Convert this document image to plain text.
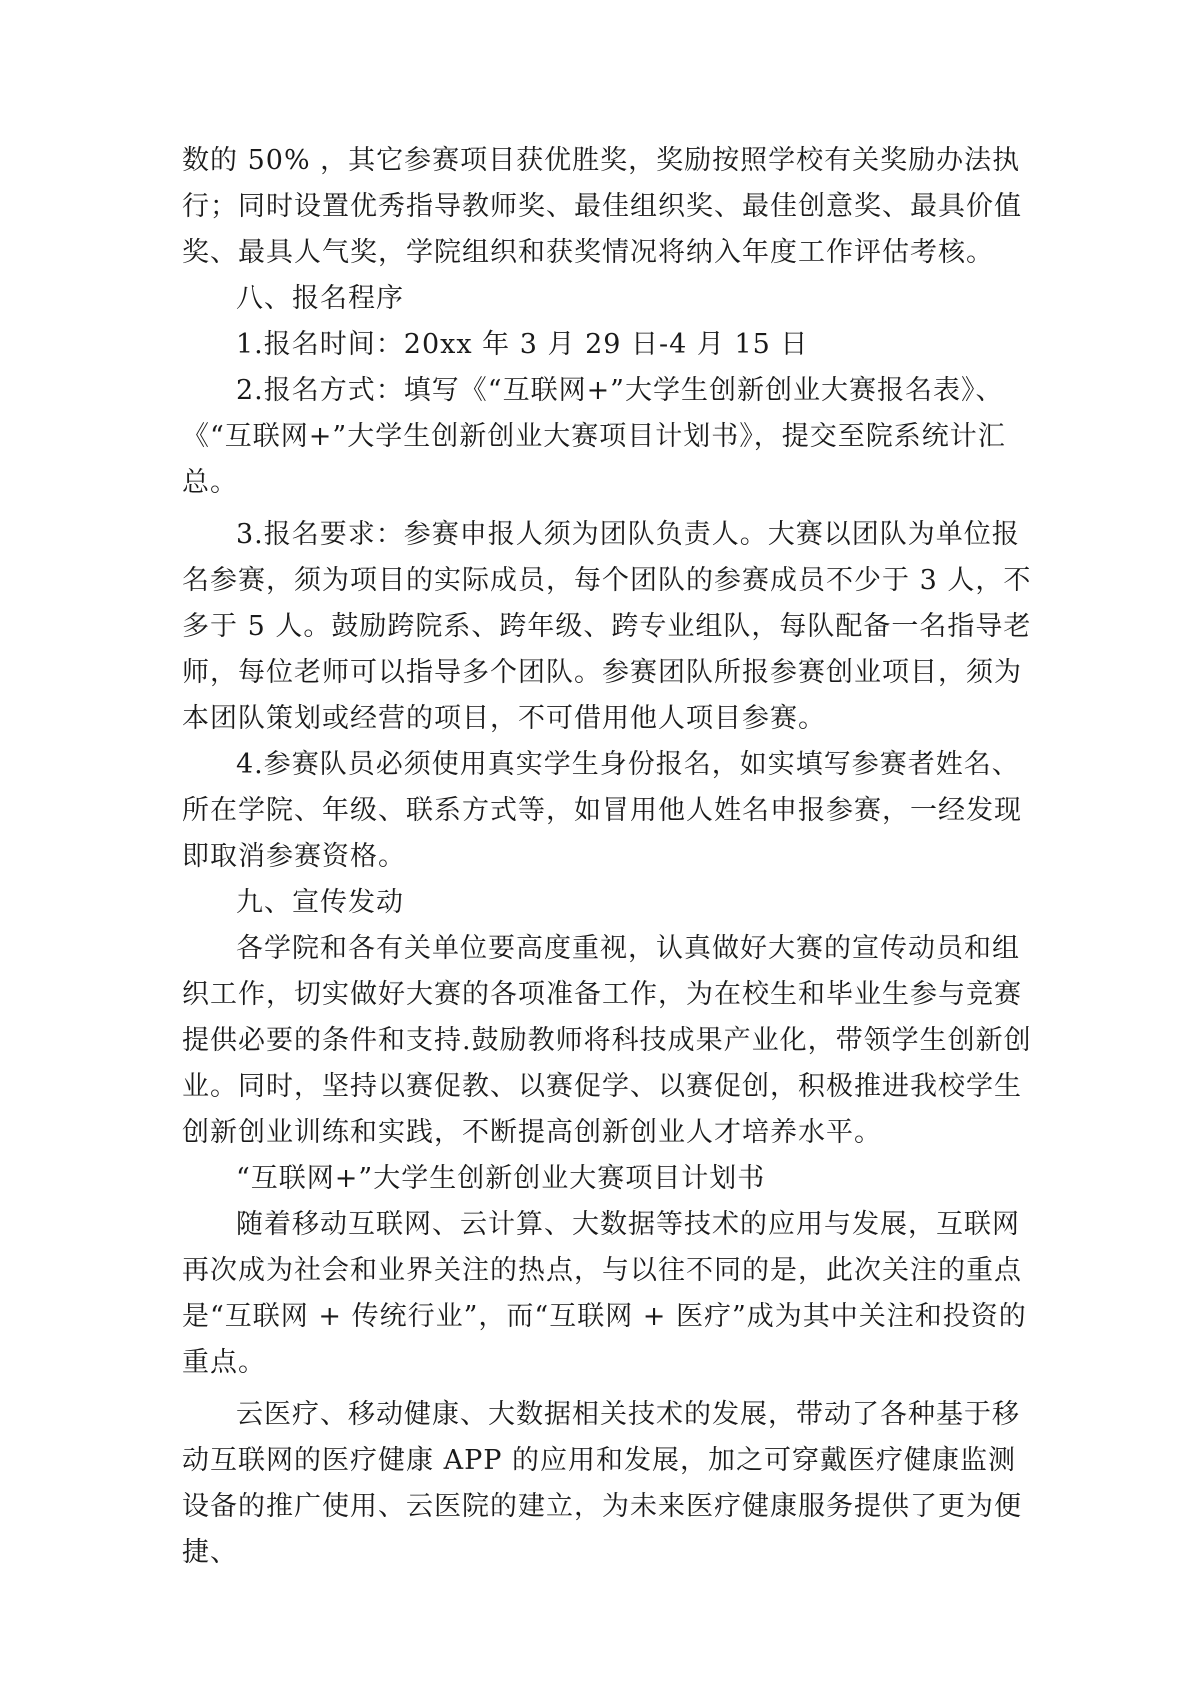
数的 50% ，其它参赛项目获优胜奖，奖励按照学校有关奖励办法执行；同时设置优秀指导教师奖、最佳组织奖、最佳创意奖、最具价值奖、最具人气奖，学院组织和获奖情况将纳入年度工作评估考核。

八、报名程序

1.报名时间：20xx 年 3 月 29 日-4 月 15 日

2.报名方式：填写《“互联网+”大学生创新创业大赛报名表》、《“互联网+”大学生创新创业大赛项目计划书》，提交至院系统计汇总。

3.报名要求：参赛申报人须为团队负责人。大赛以团队为单位报名参赛，须为项目的实际成员，每个团队的参赛成员不少于 3 人，不多于 5 人。鼓励跨院系、跨年级、跨专业组队，每队配备一名指导老师，每位老师可以指导多个团队。参赛团队所报参赛创业项目，须为本团队策划或经营的项目，不可借用他人项目参赛。

4.参赛队员必须使用真实学生身份报名，如实填写参赛者姓名、所在学院、年级、联系方式等，如冒用他人姓名申报参赛，一经发现即取消参赛资格。

九、宣传发动

各学院和各有关单位要高度重视，认真做好大赛的宣传动员和组织工作，切实做好大赛的各项准备工作，为在校生和毕业生参与竞赛提供必要的条件和支持.鼓励教师将科技成果产业化，带领学生创新创业。同时，坚持以赛促教、以赛促学、以赛促创，积极推进我校学生创新创业训练和实践，不断提高创新创业人才培养水平。

“互联网+”大学生创新创业大赛项目计划书

随着移动互联网、云计算、大数据等技术的应用与发展，互联网再次成为社会和业界关注的热点，与以往不同的是，此次关注的重点是“互联网 + 传统行业”，而“互联网 + 医疗”成为其中关注和投资的重点。

云医疗、移动健康、大数据相关技术的发展，带动了各种基于移动互联网的医疗健康 APP 的应用和发展，加之可穿戴医疗健康监测设备的推广使用、云医院的建立，为未来医疗健康服务提供了更为便捷、
